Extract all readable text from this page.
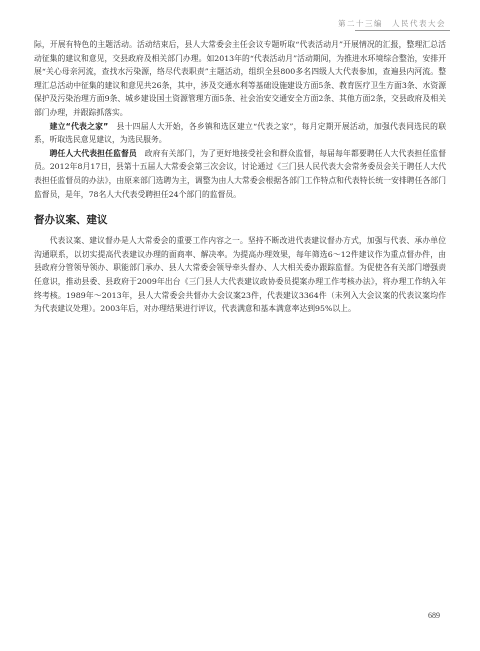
第二十三编　人民代表大会

际，开展有特色的主题活动。活动结束后，县人大常委会主任会议专题听取“代表活动月”开展情况的汇报，整理汇总活动征集的建议和意见，交县政府及相关部门办理。如2013年的“代表活动月”活动期间，为推进水环境综合整治，安排开展“关心母亲河流，查找水污染源，络尽代表职责”主题活动，组织全县800多名四级人大代表参加，查遍县内河流。整理汇总活动中征集的建议和意见共26条，其中，涉及交通水利等基础设施建设方面5条、教育医疗卫生方面3条、水资源保护及污染治理方面9条、城乡建设国土资源管理方面5条、社会治安交通安全方面2条、其他方面2条，交县政府及相关部门办理，并跟踪抓落实。

建立“代表之家”　县十四届人大开始，各乡镇和选区建立“代表之家”，每月定期开展活动，加强代表同选民的联系，听取选民意见建议，为选民服务。

聘任人大代表担任监督员　政府有关部门，为了更好地接受社会和群众监督，每届每年都要聘任人大代表担任监督员。2012年8月17日，县第十五届人大常委会第三次会议，讨论通过《三门县人民代表大会常务委员会关于聘任人大代表担任监督员的办法》，由原来部门选聘为主，调整为由人大常委会根据各部门工作特点和代表特长统一安排聘任各部门监督员，是年，78名人大代表受聘担任24个部门的监督员。

督办议案、建议

代表议案、建议督办是人大常委会的重要工作内容之一。坚持不断改进代表建议督办方式，加强与代表、承办单位沟通联系，以切实提高代表建议办理的面商率、解决率。为提高办理效果，每年筛选6～12件建议作为重点督办件，由县政府分管领导领办、职能部门承办、县人大常委会领导牵头督办、人大相关委办跟踪监督。为促使各有关部门增强责任意识，推动县委、县政府于2009年出台《三门县人大代表建议政协委员提案办理工作考核办法》，将办理工作纳入年终考核。1989年～2013年，县人大常委会共督办大会议案23件，代表建议3364件（未列入大会议案的代表议案均作为代表建议处理）。2003年后，对办理结果进行评议，代表满意和基本满意率达到95%以上。

689
